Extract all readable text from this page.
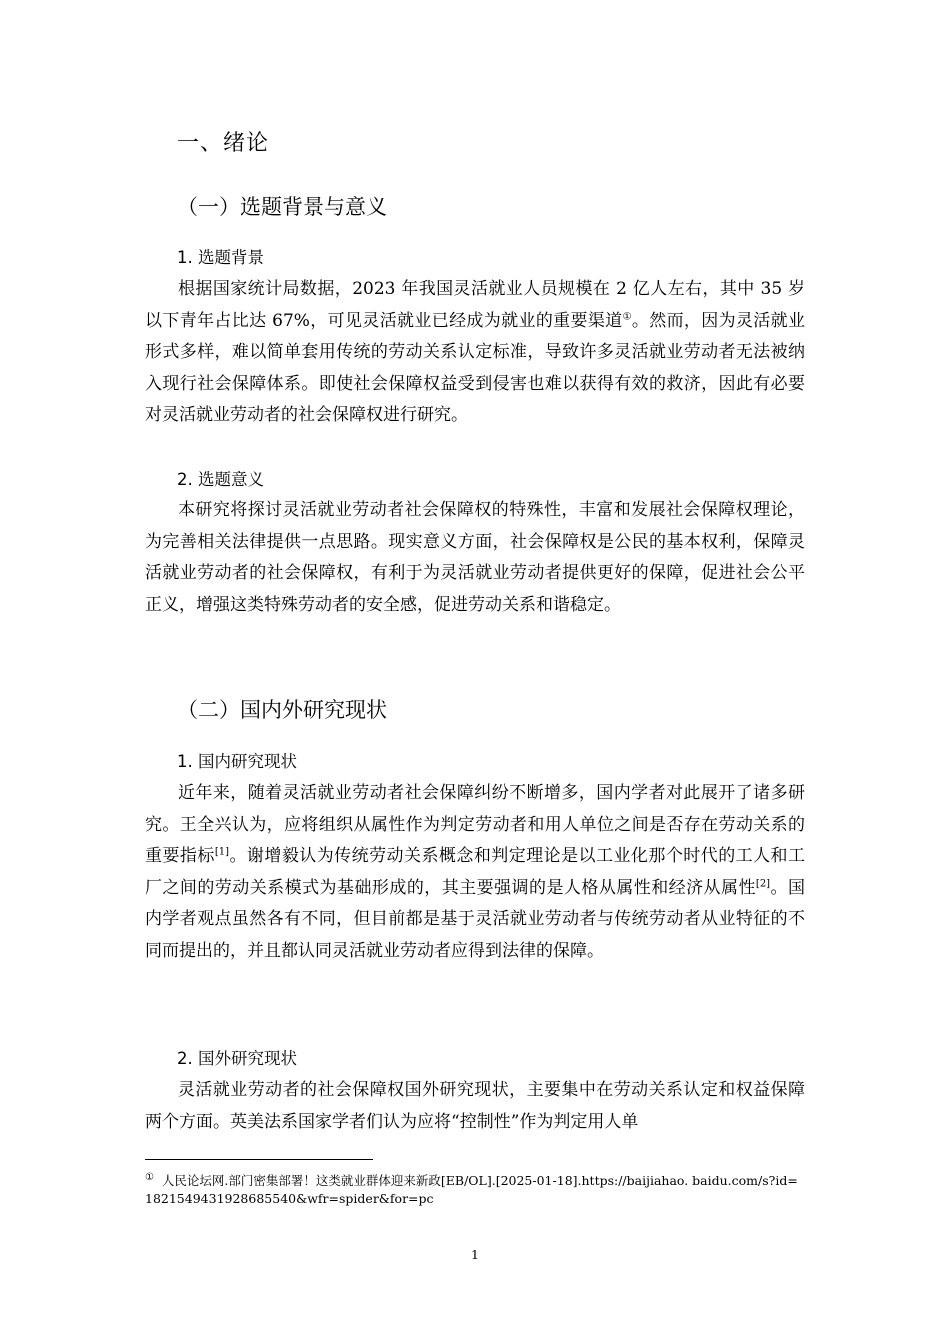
一、绪论
（一）选题背景与意义
1. 选题背景

根据国家统计局数据，2023 年我国灵活就业人员规模在 2 亿人左右，其中 35 岁以下青年占比达 67%，可见灵活就业已经成为就业的重要渠道①。然而，因为灵活就业形式多样，难以简单套用传统的劳动关系认定标准，导致许多灵活就业劳动者无法被纳入现行社会保障体系。即使社会保障权益受到侵害也难以获得有效的救济，因此有必要对灵活就业劳动者的社会保障权进行研究。

2. 选题意义

本研究将探讨灵活就业劳动者社会保障权的特殊性，丰富和发展社会保障权理论，为完善相关法律提供一点思路。现实意义方面，社会保障权是公民的基本权利，保障灵活就业劳动者的社会保障权，有利于为灵活就业劳动者提供更好的保障，促进社会公平正义，增强这类特殊劳动者的安全感，促进劳动关系和谐稳定。

（二）国内外研究现状
1. 国内研究现状

近年来，随着灵活就业劳动者社会保障纠纷不断增多，国内学者对此展开了诸多研究。王全兴认为，应将组织从属性作为判定劳动者和用人单位之间是否存在劳动关系的重要指标[1]。谢增毅认为传统劳动关系概念和判定理论是以工业化那个时代的工人和工厂之间的劳动关系模式为基础形成的，其主要强调的是人格从属性和经济从属性[2]。国内学者观点虽然各有不同，但目前都是基于灵活就业劳动者与传统劳动者从业特征的不同而提出的，并且都认同灵活就业劳动者应得到法律的保障。

2. 国外研究现状

灵活就业劳动者的社会保障权国外研究现状，主要集中在劳动关系认定和权益保障两个方面。英美法系国家学者们认为应将“控制性”作为判定用人单

① 人民论坛网.部门密集部署！这类就业群体迎来新政[EB/OL].[2025-01-18].https://baijiahao. baidu.com/s?id=1821549431928685540&wfr=spider&for=pc
1
